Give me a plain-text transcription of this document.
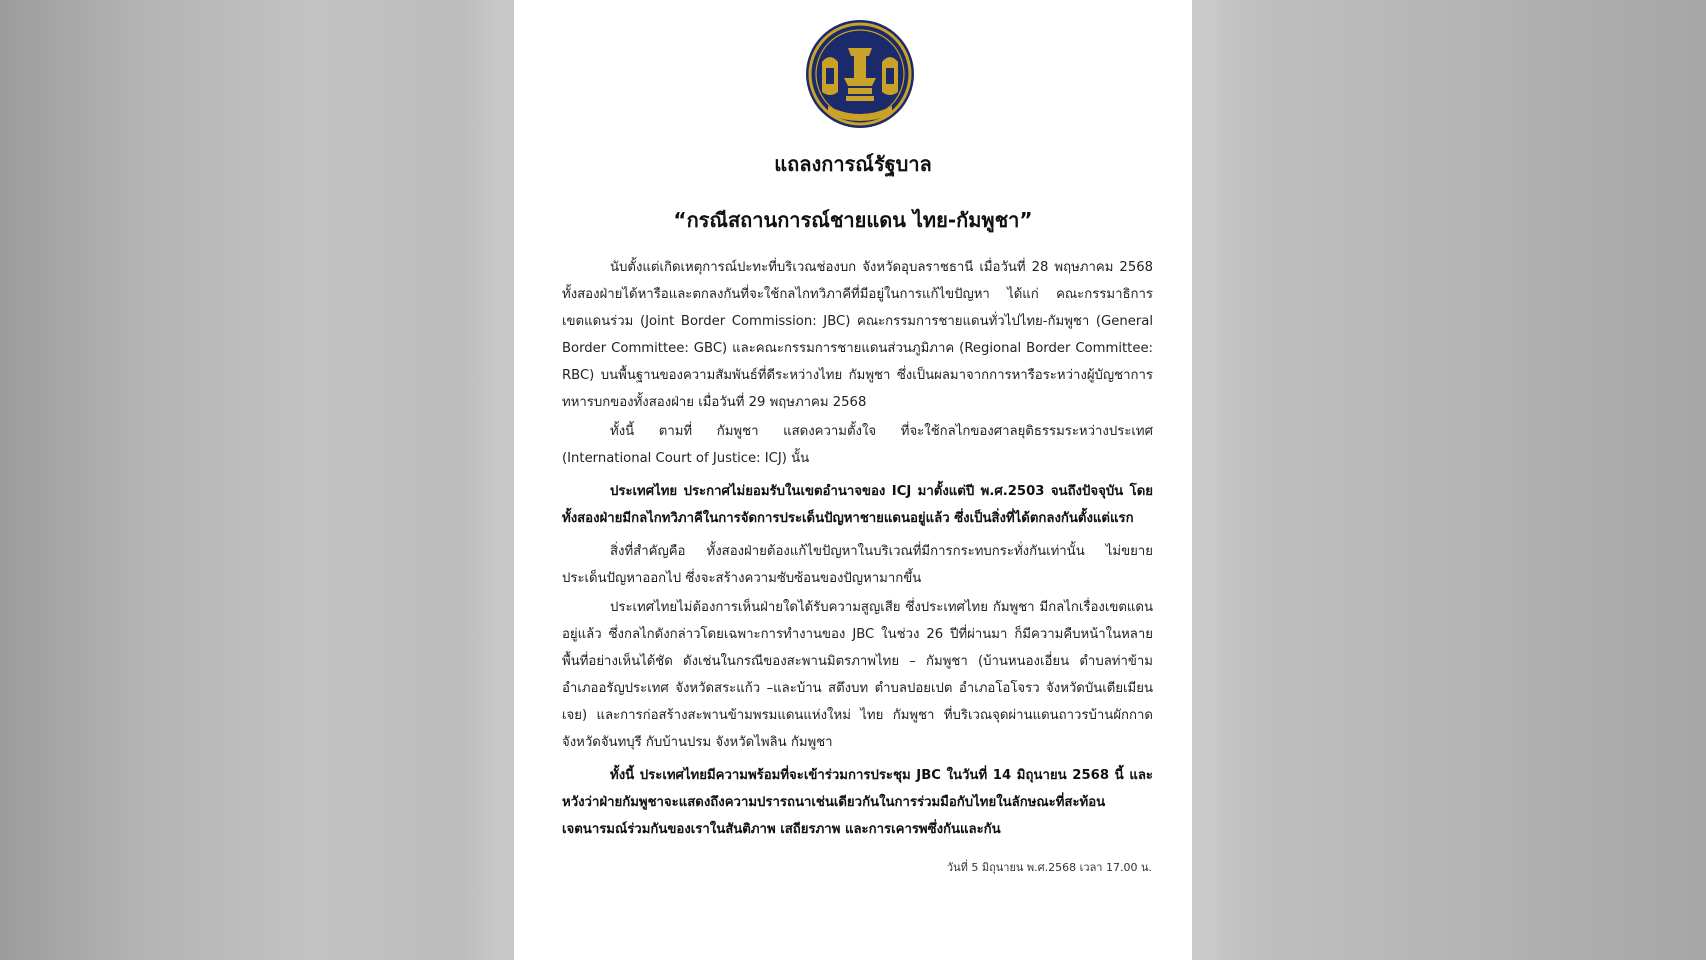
แถลงการณ์รัฐบาล
“กรณีสถานการณ์ชายแดน ไทย-กัมพูชา”

นับตั้งแต่เกิดเหตุการณ์ปะทะที่บริเวณช่องบก จังหวัดอุบลราชธานี เมื่อวันที่ 28 พฤษภาคม 2568 ทั้งสองฝ่ายได้หารือและตกลงกันที่จะใช้กลไกทวิภาคีที่มีอยู่ในการแก้ไขปัญหา ได้แก่ คณะกรรมาธิการเขตแดนร่วม (Joint Border Commission: JBC) คณะกรรมการชายแดนทั่วไปไทย-กัมพูชา (General Border Committee: GBC) และคณะกรรมการชายแดนส่วนภูมิภาค (Regional Border Committee: RBC) บนพื้นฐานของความสัมพันธ์ที่ดีระหว่างไทย กัมพูชา ซึ่งเป็นผลมาจากการหารือระหว่างผู้บัญชาการทหารบกของทั้งสองฝ่าย เมื่อวันที่ 29 พฤษภาคม 2568

ทั้งนี้ ตามที่ กัมพูชา แสดงความตั้งใจ ที่จะใช้กลไกของศาลยุติธรรมระหว่างประเทศ (International Court of Justice: ICJ) นั้น

ประเทศไทย ประกาศไม่ยอมรับในเขตอำนาจของ ICJ มาตั้งแต่ปี พ.ศ.2503 จนถึงปัจจุบัน โดยทั้งสองฝ่ายมีกลไกทวิภาคีในการจัดการประเด็นปัญหาชายแดนอยู่แล้ว ซึ่งเป็นสิ่งที่ได้ตกลงกันตั้งแต่แรก

สิ่งที่สำคัญคือ ทั้งสองฝ่ายต้องแก้ไขปัญหาในบริเวณที่มีการกระทบกระทั่งกันเท่านั้น ไม่ขยายประเด็นปัญหาออกไป ซึ่งจะสร้างความซับซ้อนของปัญหามากขึ้น

ประเทศไทยไม่ต้องการเห็นฝ่ายใดได้รับความสูญเสีย ซึ่งประเทศไทย กัมพูชา มีกลไกเรื่องเขตแดนอยู่แล้ว ซึ่งกลไกดังกล่าวโดยเฉพาะการทำงานของ JBC ในช่วง 26 ปีที่ผ่านมา ก็มีความคืบหน้าในหลายพื้นที่อย่างเห็นได้ชัด ดังเช่นในกรณีของสะพานมิตรภาพไทย – กัมพูชา (บ้านหนองเอี่ยน ตำบลท่าข้าม อำเภออรัญประเทศ จังหวัดสระแก้ว –และบ้าน สตึงบท ตำบลปอยเปต อำเภอโอโจรว จังหวัดบันเตียเมียนเจย) และการก่อสร้างสะพานข้ามพรมแดนแห่งใหม่ ไทย กัมพูชา ที่บริเวณจุดผ่านแดนถาวรบ้านผักกาด จังหวัดจันทบุรี กับบ้านปรม จังหวัดไพลิน กัมพูชา

ทั้งนี้ ประเทศไทยมีความพร้อมที่จะเข้าร่วมการประชุม JBC ในวันที่ 14 มิถุนายน 2568 นี้ และหวังว่าฝ่ายกัมพูชาจะแสดงถึงความปรารถนาเช่นเดียวกันในการร่วมมือกับไทยในลักษณะที่สะท้อนเจตนารมณ์ร่วมกันของเราในสันติภาพ เสถียรภาพ และการเคารพซึ่งกันและกัน

วันที่ 5 มิถุนายน พ.ศ.2568 เวลา 17.00 น.
